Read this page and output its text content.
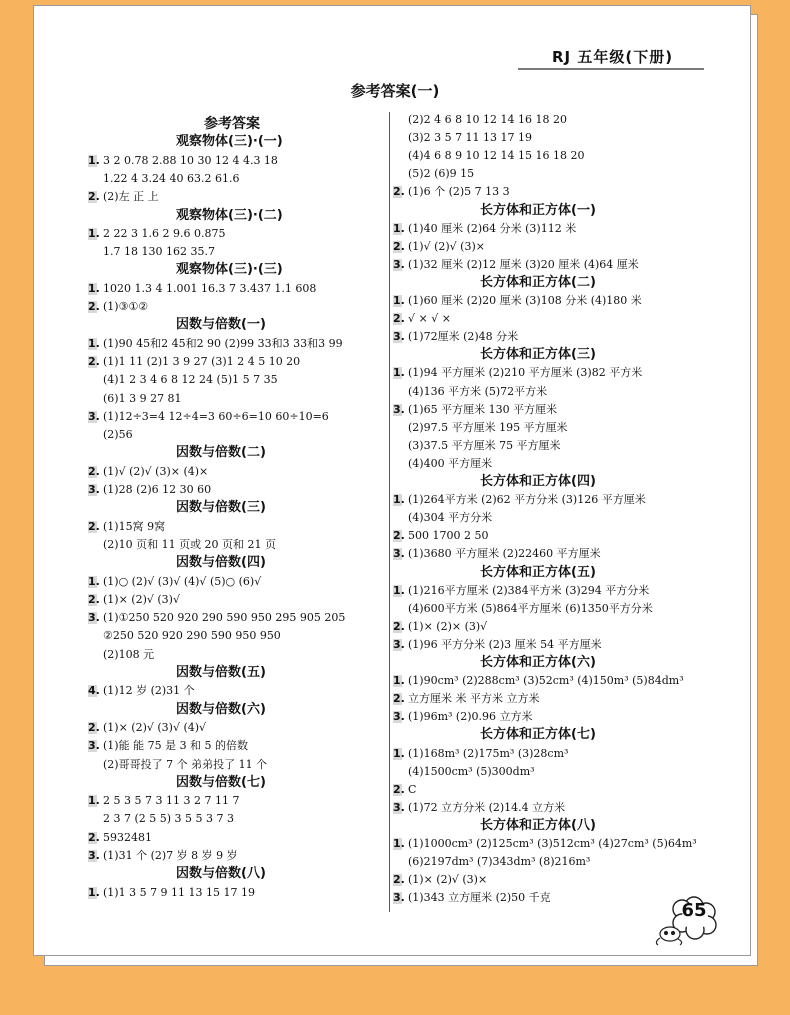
RJ 五年级(下册)
参考答案(一)
参考答案
观察物体(三)·(一)
1. 3 2 0.78 2.88 10 30 12 4 4.3 18
1.22 4 3.24 40 63.2 61.6
2. (2)左 正 上
观察物体(三)·(二)
1. 2 22 3 1.6 2 9.6 0.875
1.7 18 130 162 35.7
观察物体(三)·(三)
1. 1020 1.3 4 1.001 16.3 7 3.437 1.1 608
2. (1)③①②
因数与倍数(一)
1. (1)90 45和2 45和2 90 (2)99 33和3 33和3 99
2. (1)1 11 (2)1 3 9 27 (3)1 2 4 5 10 20
(4)1 2 3 4 6 8 12 24 (5)1 5 7 35
(6)1 3 9 27 81
3. (1)12÷3=4 12÷4=3 60÷6=10 60÷10=6
(2)56
因数与倍数(二)
2. (1)√ (2)√ (3)× (4)×
3. (1)28 (2)6 12 30 60
因数与倍数(三)
2. (1)15窝 9窝
(2)10 页和 11 页或 20 页和 21 页
因数与倍数(四)
1. (1)○ (2)√ (3)√ (4)√ (5)○ (6)√
2. (1)× (2)√ (3)√
3. (1)①250 520 920 290 590 950 295 905 205
②250 520 920 290 590 950 950
(2)108 元
因数与倍数(五)
4. (1)12 岁 (2)31 个
因数与倍数(六)
2. (1)× (2)√ (3)√ (4)√
3. (1)能 能 75 是 3 和 5 的倍数
(2)哥哥投了 7 个 弟弟投了 11 个
因数与倍数(七)
1. 2 5 3 5 7 3 11 3 2 7 11 7
2 3 7 (2 5 5) 3 5 5 3 7 3
2. 5932481
3. (1)31 个 (2)7 岁 8 岁 9 岁
因数与倍数(八)
1. (1)1 3 5 7 9 11 13 15 17 19
(2)2 4 6 8 10 12 14 16 18 20
(3)2 3 5 7 11 13 17 19
(4)4 6 8 9 10 12 14 15 16 18 20
(5)2 (6)9 15
2. (1)6 个 (2)5 7 13 3
长方体和正方体(一)
1. (1)40 厘米 (2)64 分米 (3)112 米
2. (1)√ (2)√ (3)×
3. (1)32 厘米 (2)12 厘米 (3)20 厘米 (4)64 厘米
长方体和正方体(二)
1. (1)60 厘米 (2)20 厘米 (3)108 分米 (4)180 米
2. √ × √ ×
3. (1)72厘米 (2)48 分米
长方体和正方体(三)
1. (1)94 平方厘米 (2)210 平方厘米 (3)82 平方米
(4)136 平方米 (5)72平方米
3. (1)65 平方厘米 130 平方厘米
(2)97.5 平方厘米 195 平方厘米
(3)37.5 平方厘米 75 平方厘米
(4)400 平方厘米
长方体和正方体(四)
1. (1)264平方米 (2)62 平方分米 (3)126 平方厘米
(4)304 平方分米
2. 500 1700 2 50
3. (1)3680 平方厘米 (2)22460 平方厘米
长方体和正方体(五)
1. (1)216平方厘米 (2)384平方米 (3)294 平方分米
(4)600平方米 (5)864平方厘米 (6)1350平方分米
2. (1)× (2)× (3)√
3. (1)96 平方分米 (2)3 厘米 54 平方厘米
长方体和正方体(六)
1. (1)90cm³ (2)288cm³ (3)52cm³ (4)150m³ (5)84dm³
2. 立方厘米 米 平方米 立方米
3. (1)96m³ (2)0.96 立方米
长方体和正方体(七)
1. (1)168m³ (2)175m³ (3)28cm³
(4)1500cm³ (5)300dm³
2. C
3. (1)72 立方分米 (2)14.4 立方米
长方体和正方体(八)
1. (1)1000cm³ (2)125cm³ (3)512cm³ (4)27cm³ (5)64m³
(6)2197dm³ (7)343dm³ (8)216m³
2. (1)× (2)√ (3)×
3. (1)343 立方厘米 (2)50 千克
65
